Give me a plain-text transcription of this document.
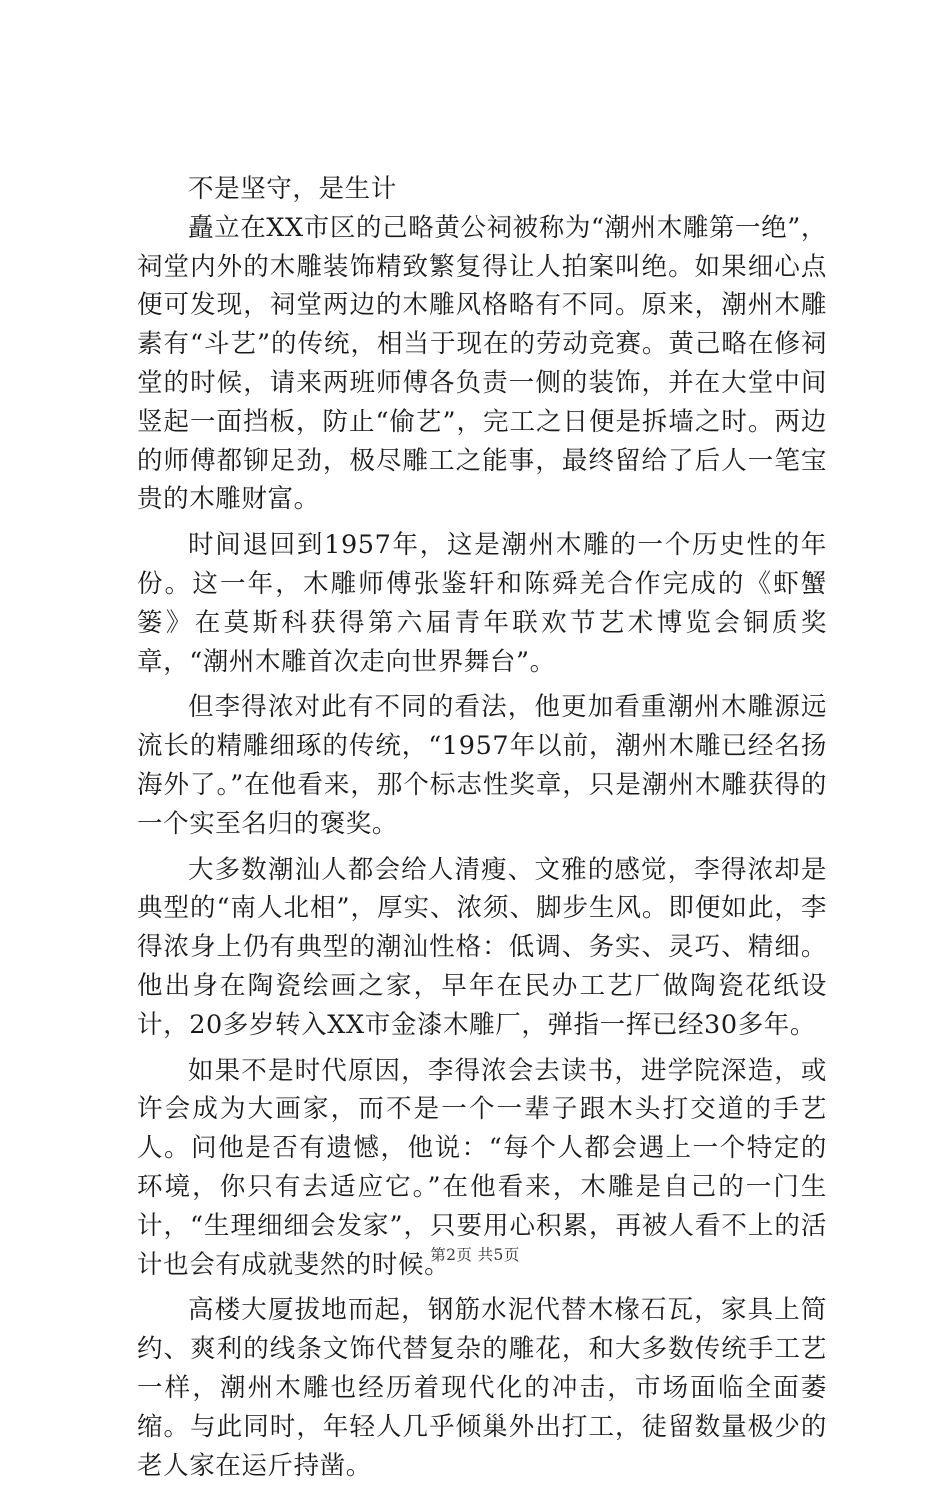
不是坚守，是生计

矗立在XX市区的己略黄公祠被称为“潮州木雕第一绝”，祠堂内外的木雕装饰精致繁复得让人拍案叫绝。如果细心点便可发现，祠堂两边的木雕风格略有不同。原来，潮州木雕素有“斗艺”的传统，相当于现在的劳动竞赛。黄己略在修祠堂的时候，请来两班师傅各负责一侧的装饰，并在大堂中间竖起一面挡板，防止“偷艺”，完工之日便是拆墙之时。两边的师傅都铆足劲，极尽雕工之能事，最终留给了后人一笔宝贵的木雕财富。

时间退回到1957年，这是潮州木雕的一个历史性的年份。这一年，木雕师傅张鉴轩和陈舜羌合作完成的《虾蟹篓》在莫斯科获得第六届青年联欢节艺术博览会铜质奖章，“潮州木雕首次走向世界舞台”。

但李得浓对此有不同的看法，他更加看重潮州木雕源远流长的精雕细琢的传统，“1957年以前，潮州木雕已经名扬海外了。”在他看来，那个标志性奖章，只是潮州木雕获得的一个实至名归的褒奖。

大多数潮汕人都会给人清瘦、文雅的感觉，李得浓却是典型的“南人北相”，厚实、浓须、脚步生风。即便如此，李得浓身上仍有典型的潮汕性格：低调、务实、灵巧、精细。他出身在陶瓷绘画之家，早年在民办工艺厂做陶瓷花纸设计，20多岁转入XX市金漆木雕厂，弹指一挥已经30多年。

如果不是时代原因，李得浓会去读书，进学院深造，或许会成为大画家，而不是一个一辈子跟木头打交道的手艺人。问他是否有遗憾，他说：“每个人都会遇上一个特定的环境，你只有去适应它。”在他看来，木雕是自己的一门生计，“生理细细会发家”，只要用心积累，再被人看不上的活计也会有成就斐然的时候。

高楼大厦拔地而起，钢筋水泥代替木椽石瓦，家具上简约、爽利的线条文饰代替复杂的雕花，和大多数传统手工艺一样，潮州木雕也经历着现代化的冲击，市场面临全面萎缩。与此同时，年轻人几乎倾巢外出打工，徒留数量极少的老人家在运斤持凿。

第2页 共5页
